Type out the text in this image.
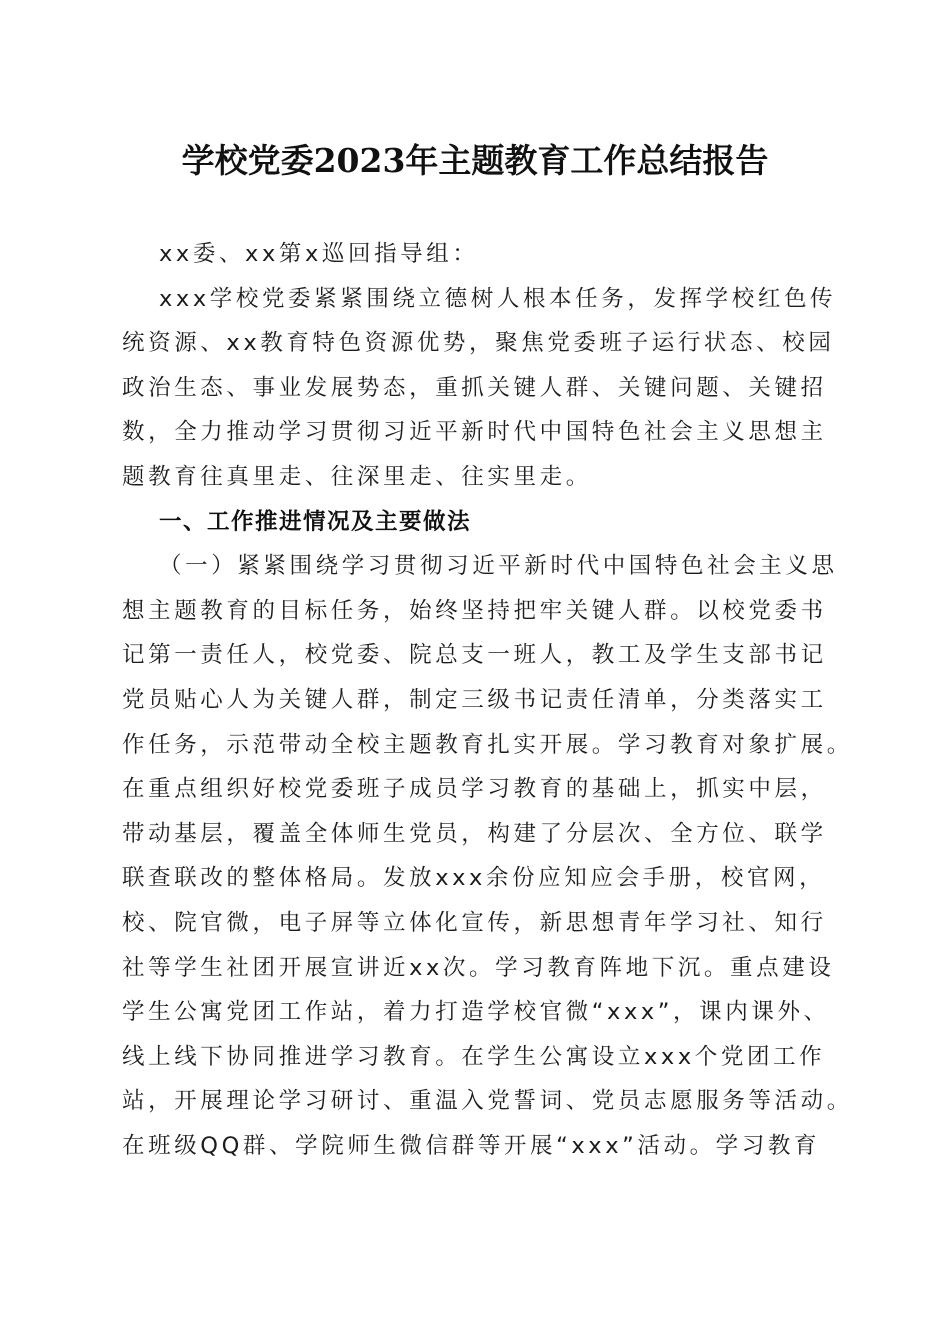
学校党委2023年主题教育工作总结报告
xx委、xx第x巡回指导组：
xxx学校党委紧紧围绕立德树人根本任务，发挥学校红色传
统资源、xx教育特色资源优势，聚焦党委班子运行状态、校园
政治生态、事业发展势态，重抓关键人群、关键问题、关键招
数，全力推动学习贯彻习近平新时代中国特色社会主义思想主
题教育往真里走、往深里走、往实里走。
一、工作推进情况及主要做法
（一）紧紧围绕学习贯彻习近平新时代中国特色社会主义思
想主题教育的目标任务，始终坚持把牢关键人群。以校党委书
记第一责任人，校党委、院总支一班人，教工及学生支部书记
党员贴心人为关键人群，制定三级书记责任清单，分类落实工
作任务，示范带动全校主题教育扎实开展。学习教育对象扩展。
在重点组织好校党委班子成员学习教育的基础上，抓实中层，
带动基层，覆盖全体师生党员，构建了分层次、全方位、联学
联查联改的整体格局。发放xxx余份应知应会手册，校官网，
校、院官微，电子屏等立体化宣传，新思想青年学习社、知行
社等学生社团开展宣讲近xx次。学习教育阵地下沉。重点建设
学生公寓党团工作站，着力打造学校官微“xxx”，课内课外、
线上线下协同推进学习教育。在学生公寓设立xxx个党团工作
站，开展理论学习研讨、重温入党誓词、党员志愿服务等活动。
在班级QQ群、学院师生微信群等开展“xxx”活动。学习教育
